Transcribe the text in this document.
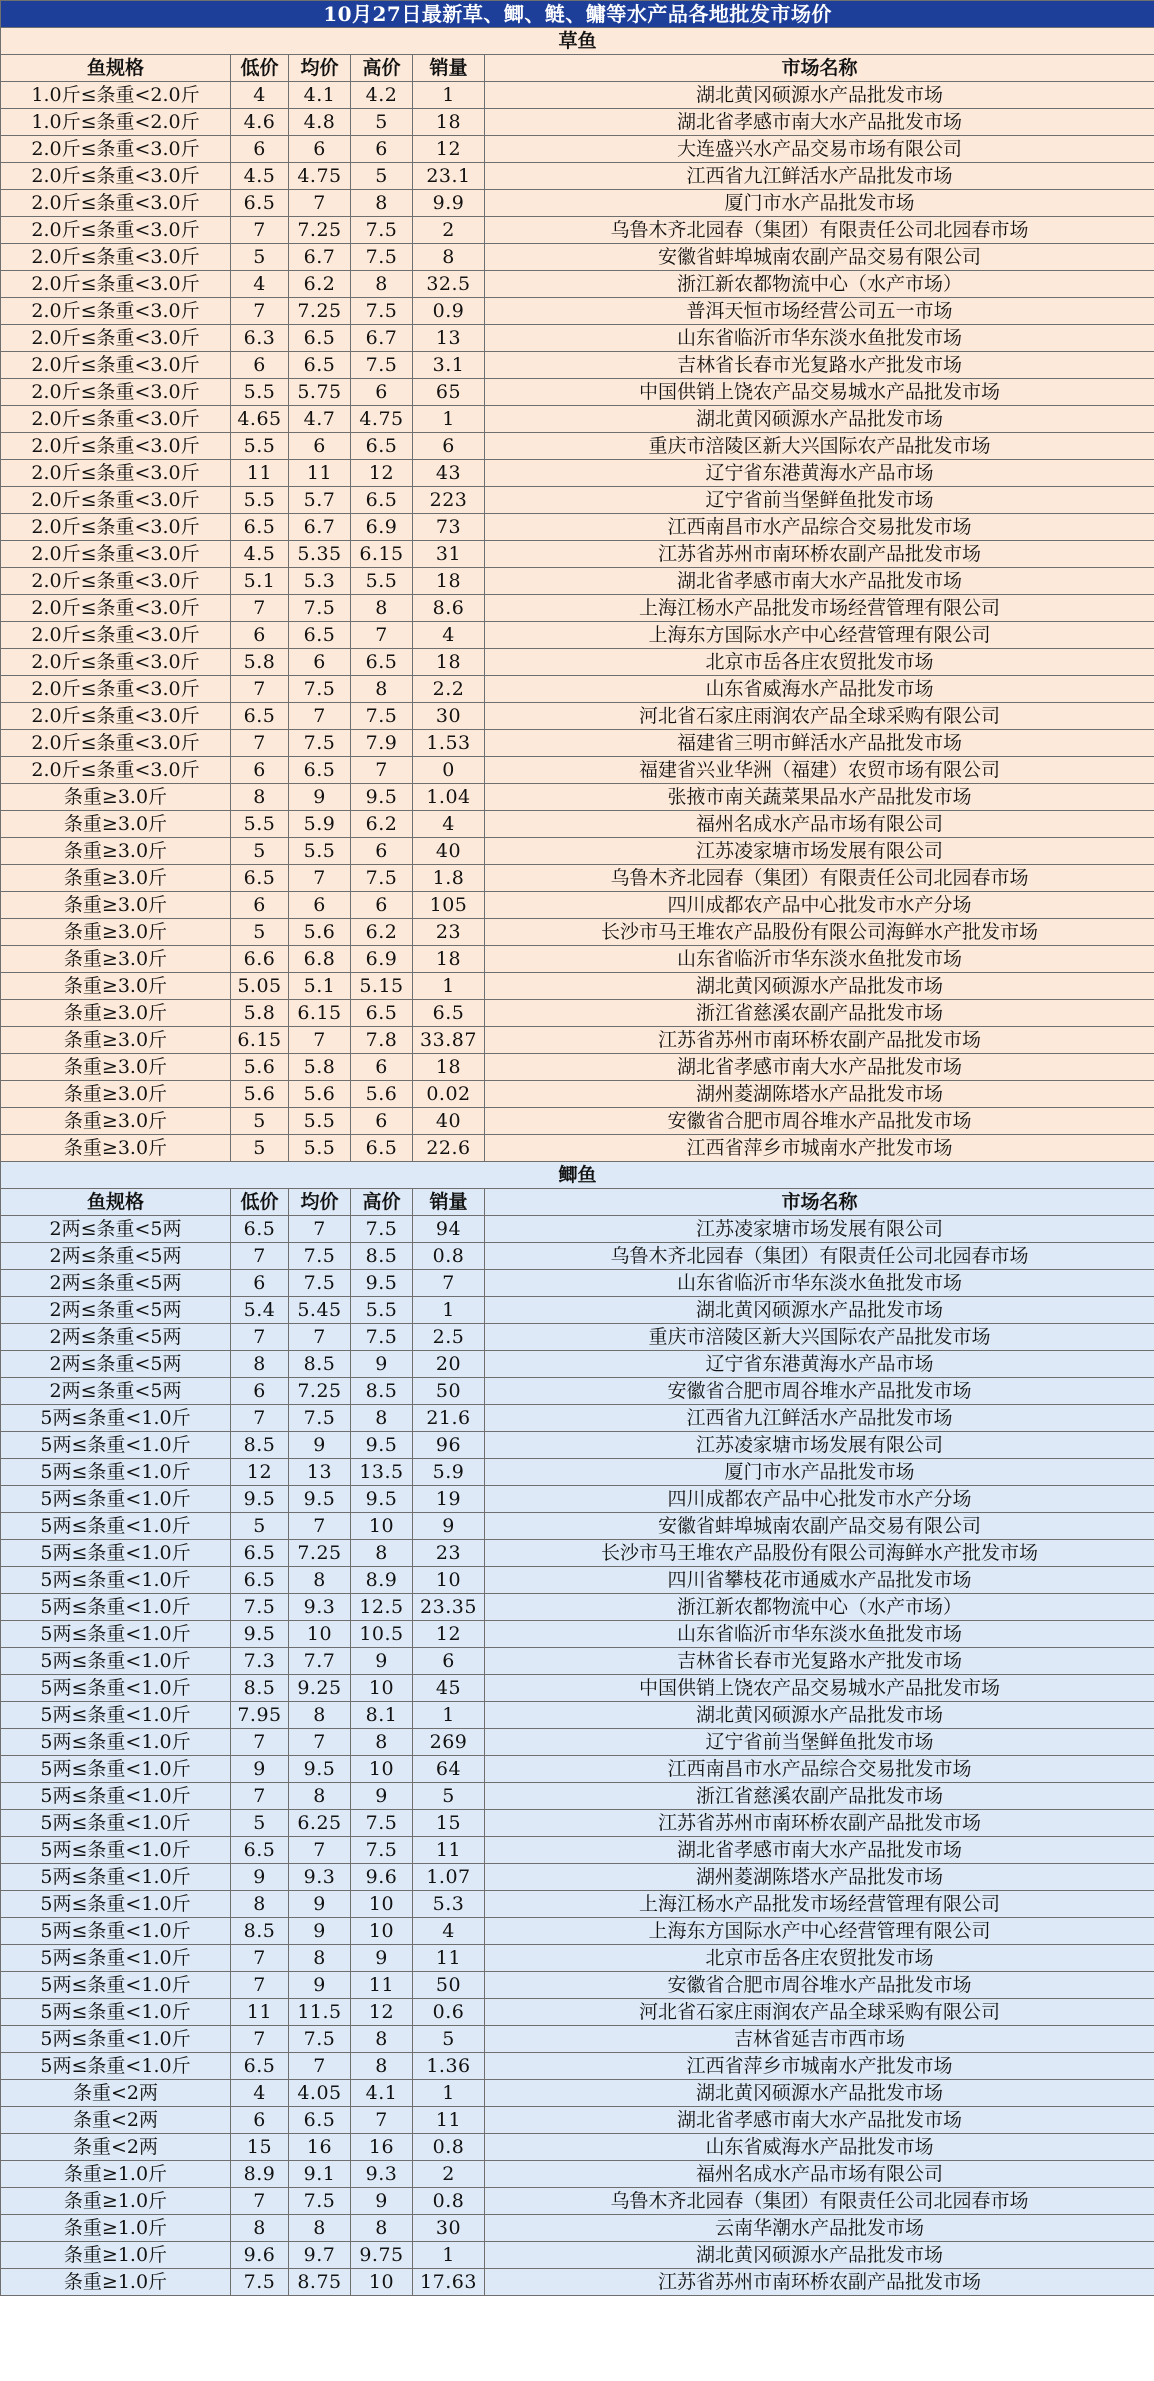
10月27日最新草、鲫、鲢、鳙等水产品各地批发市场价					
草鱼					
鱼规格	低价	均价	高价	销量	市场名称
1.0斤≤条重<2.0斤	4	4.1	4.2	1	湖北黄冈硕源水产品批发市场
1.0斤≤条重<2.0斤	4.6	4.8	5	18	湖北省孝感市南大水产品批发市场
2.0斤≤条重<3.0斤	6	6	6	12	大连盛兴水产品交易市场有限公司
2.0斤≤条重<3.0斤	4.5	4.75	5	23.1	江西省九江鲜活水产品批发市场
2.0斤≤条重<3.0斤	6.5	7	8	9.9	厦门市水产品批发市场
2.0斤≤条重<3.0斤	7	7.25	7.5	2	乌鲁木齐北园春（集团）有限责任公司北园春市场
2.0斤≤条重<3.0斤	5	6.7	7.5	8	安徽省蚌埠城南农副产品交易有限公司
2.0斤≤条重<3.0斤	4	6.2	8	32.5	浙江新农都物流中心（水产市场）
2.0斤≤条重<3.0斤	7	7.25	7.5	0.9	普洱天恒市场经营公司五一市场
2.0斤≤条重<3.0斤	6.3	6.5	6.7	13	山东省临沂市华东淡水鱼批发市场
2.0斤≤条重<3.0斤	6	6.5	7.5	3.1	吉林省长春市光复路水产批发市场
2.0斤≤条重<3.0斤	5.5	5.75	6	65	中国供销上饶农产品交易城水产品批发市场
2.0斤≤条重<3.0斤	4.65	4.7	4.75	1	湖北黄冈硕源水产品批发市场
2.0斤≤条重<3.0斤	5.5	6	6.5	6	重庆市涪陵区新大兴国际农产品批发市场
2.0斤≤条重<3.0斤	11	11	12	43	辽宁省东港黄海水产品市场
2.0斤≤条重<3.0斤	5.5	5.7	6.5	223	辽宁省前当堡鲜鱼批发市场
2.0斤≤条重<3.0斤	6.5	6.7	6.9	73	江西南昌市水产品综合交易批发市场
2.0斤≤条重<3.0斤	4.5	5.35	6.15	31	江苏省苏州市南环桥农副产品批发市场
2.0斤≤条重<3.0斤	5.1	5.3	5.5	18	湖北省孝感市南大水产品批发市场
2.0斤≤条重<3.0斤	7	7.5	8	8.6	上海江杨水产品批发市场经营管理有限公司
2.0斤≤条重<3.0斤	6	6.5	7	4	上海东方国际水产中心经营管理有限公司
2.0斤≤条重<3.0斤	5.8	6	6.5	18	北京市岳各庄农贸批发市场
2.0斤≤条重<3.0斤	7	7.5	8	2.2	山东省威海水产品批发市场
2.0斤≤条重<3.0斤	6.5	7	7.5	30	河北省石家庄雨润农产品全球采购有限公司
2.0斤≤条重<3.0斤	7	7.5	7.9	1.53	福建省三明市鲜活水产品批发市场
2.0斤≤条重<3.0斤	6	6.5	7	0	福建省兴业华洲（福建）农贸市场有限公司
条重≥3.0斤	8	9	9.5	1.04	张掖市南关蔬菜果品水产品批发市场
条重≥3.0斤	5.5	5.9	6.2	4	福州名成水产品市场有限公司
条重≥3.0斤	5	5.5	6	40	江苏凌家塘市场发展有限公司
条重≥3.0斤	6.5	7	7.5	1.8	乌鲁木齐北园春（集团）有限责任公司北园春市场
条重≥3.0斤	6	6	6	105	四川成都农产品中心批发市水产分场
条重≥3.0斤	5	5.6	6.2	23	长沙市马王堆农产品股份有限公司海鲜水产批发市场
条重≥3.0斤	6.6	6.8	6.9	18	山东省临沂市华东淡水鱼批发市场
条重≥3.0斤	5.05	5.1	5.15	1	湖北黄冈硕源水产品批发市场
条重≥3.0斤	5.8	6.15	6.5	6.5	浙江省慈溪农副产品批发市场
条重≥3.0斤	6.15	7	7.8	33.87	江苏省苏州市南环桥农副产品批发市场
条重≥3.0斤	5.6	5.8	6	18	湖北省孝感市南大水产品批发市场
条重≥3.0斤	5.6	5.6	5.6	0.02	湖州菱湖陈塔水产品批发市场
条重≥3.0斤	5	5.5	6	40	安徽省合肥市周谷堆水产品批发市场
条重≥3.0斤	5	5.5	6.5	22.6	江西省萍乡市城南水产批发市场
鲫鱼					
鱼规格	低价	均价	高价	销量	市场名称
2两≤条重<5两	6.5	7	7.5	94	江苏凌家塘市场发展有限公司
2两≤条重<5两	7	7.5	8.5	0.8	乌鲁木齐北园春（集团）有限责任公司北园春市场
2两≤条重<5两	6	7.5	9.5	7	山东省临沂市华东淡水鱼批发市场
2两≤条重<5两	5.4	5.45	5.5	1	湖北黄冈硕源水产品批发市场
2两≤条重<5两	7	7	7.5	2.5	重庆市涪陵区新大兴国际农产品批发市场
2两≤条重<5两	8	8.5	9	20	辽宁省东港黄海水产品市场
2两≤条重<5两	6	7.25	8.5	50	安徽省合肥市周谷堆水产品批发市场
5两≤条重<1.0斤	7	7.5	8	21.6	江西省九江鲜活水产品批发市场
5两≤条重<1.0斤	8.5	9	9.5	96	江苏凌家塘市场发展有限公司
5两≤条重<1.0斤	12	13	13.5	5.9	厦门市水产品批发市场
5两≤条重<1.0斤	9.5	9.5	9.5	19	四川成都农产品中心批发市水产分场
5两≤条重<1.0斤	5	7	10	9	安徽省蚌埠城南农副产品交易有限公司
5两≤条重<1.0斤	6.5	7.25	8	23	长沙市马王堆农产品股份有限公司海鲜水产批发市场
5两≤条重<1.0斤	6.5	8	8.9	10	四川省攀枝花市通威水产品批发市场
5两≤条重<1.0斤	7.5	9.3	12.5	23.35	浙江新农都物流中心（水产市场）
5两≤条重<1.0斤	9.5	10	10.5	12	山东省临沂市华东淡水鱼批发市场
5两≤条重<1.0斤	7.3	7.7	9	6	吉林省长春市光复路水产批发市场
5两≤条重<1.0斤	8.5	9.25	10	45	中国供销上饶农产品交易城水产品批发市场
5两≤条重<1.0斤	7.95	8	8.1	1	湖北黄冈硕源水产品批发市场
5两≤条重<1.0斤	7	7	8	269	辽宁省前当堡鲜鱼批发市场
5两≤条重<1.0斤	9	9.5	10	64	江西南昌市水产品综合交易批发市场
5两≤条重<1.0斤	7	8	9	5	浙江省慈溪农副产品批发市场
5两≤条重<1.0斤	5	6.25	7.5	15	江苏省苏州市南环桥农副产品批发市场
5两≤条重<1.0斤	6.5	7	7.5	11	湖北省孝感市南大水产品批发市场
5两≤条重<1.0斤	9	9.3	9.6	1.07	湖州菱湖陈塔水产品批发市场
5两≤条重<1.0斤	8	9	10	5.3	上海江杨水产品批发市场经营管理有限公司
5两≤条重<1.0斤	8.5	9	10	4	上海东方国际水产中心经营管理有限公司
5两≤条重<1.0斤	7	8	9	11	北京市岳各庄农贸批发市场
5两≤条重<1.0斤	7	9	11	50	安徽省合肥市周谷堆水产品批发市场
5两≤条重<1.0斤	11	11.5	12	0.6	河北省石家庄雨润农产品全球采购有限公司
5两≤条重<1.0斤	7	7.5	8	5	吉林省延吉市西市场
5两≤条重<1.0斤	6.5	7	8	1.36	江西省萍乡市城南水产批发市场
条重<2两	4	4.05	4.1	1	湖北黄冈硕源水产品批发市场
条重<2两	6	6.5	7	11	湖北省孝感市南大水产品批发市场
条重<2两	15	16	16	0.8	山东省威海水产品批发市场
条重≥1.0斤	8.9	9.1	9.3	2	福州名成水产品市场有限公司
条重≥1.0斤	7	7.5	9	0.8	乌鲁木齐北园春（集团）有限责任公司北园春市场
条重≥1.0斤	8	8	8	30	云南华潮水产品批发市场
条重≥1.0斤	9.6	9.7	9.75	1	湖北黄冈硕源水产品批发市场
条重≥1.0斤	7.5	8.75	10	17.63	江苏省苏州市南环桥农副产品批发市场
